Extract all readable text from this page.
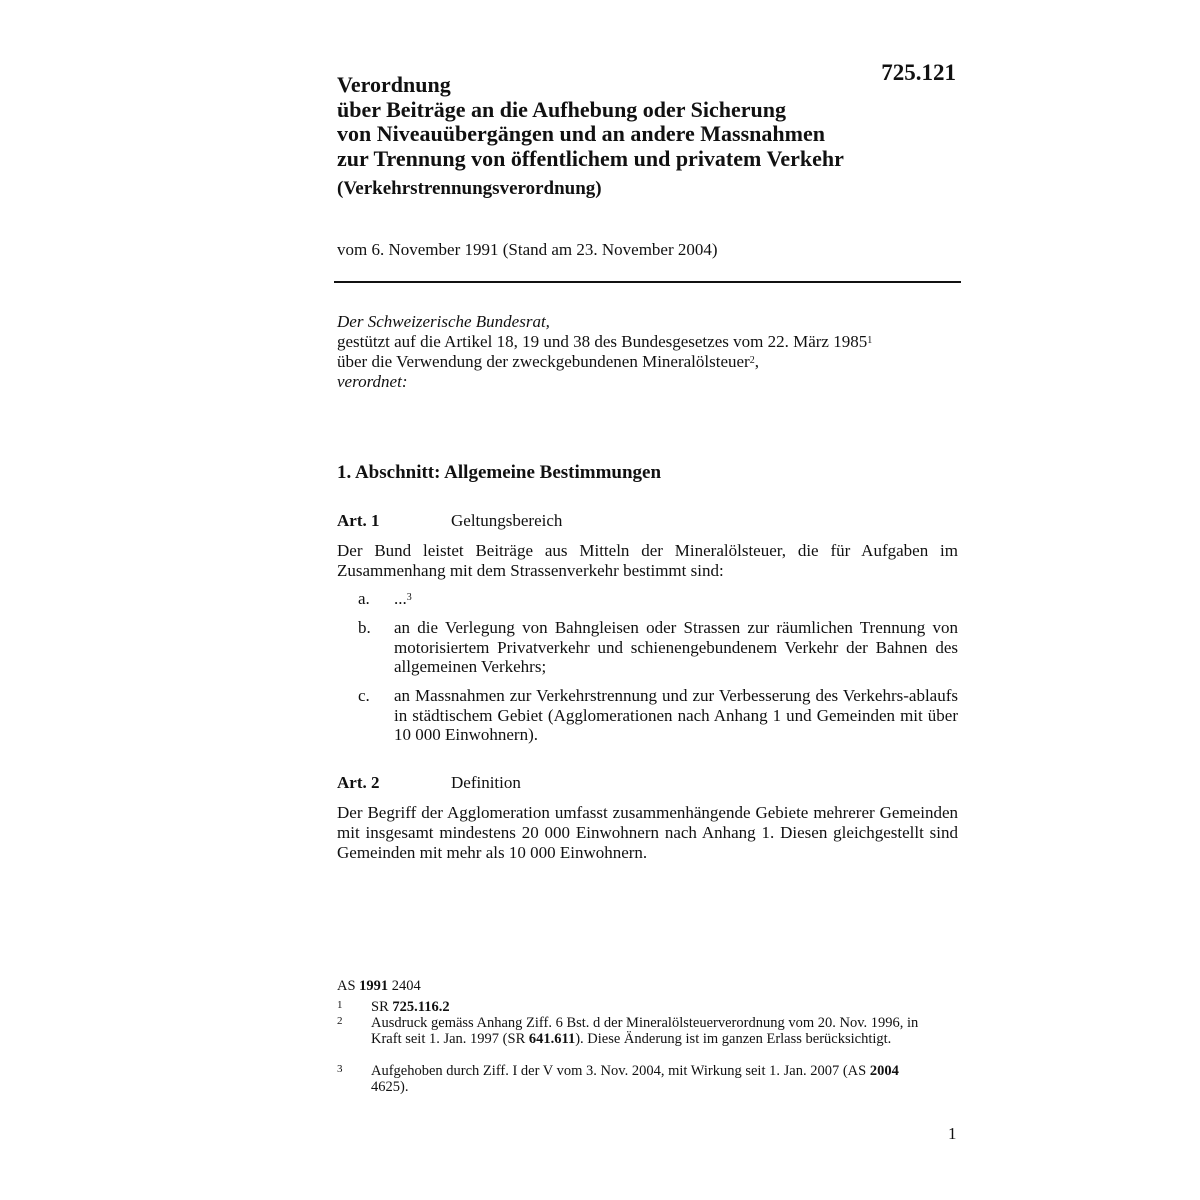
725.121
Verordnung
über Beiträge an die Aufhebung oder Sicherung
von Niveauübergängen und an andere Massnahmen
zur Trennung von öffentlichem und privatem Verkehr
(Verkehrstrennungsverordnung)
vom 6. November 1991 (Stand am 23. November 2004)
Der Schweizerische Bundesrat,
gestützt auf die Artikel 18, 19 und 38 des Bundesgesetzes vom 22. März 1985$^1$
über die Verwendung der zweckgebundenen Mineralölsteuer$^2$,
verordnet:
1. Abschnitt: Allgemeine Bestimmungen
Art. 1	Geltungsbereich
Der Bund leistet Beiträge aus Mitteln der Mineralölsteuer, die für Aufgaben im Zusammenhang mit dem Strassenverkehr bestimmt sind:
a. ...$^3$
b. an die Verlegung von Bahngleisen oder Strassen zur räumlichen Trennung von motorisiertem Privatverkehr und schienengebundenem Verkehr der Bahnen des allgemeinen Verkehrs;
c. an Massnahmen zur Verkehrstrennung und zur Verbesserung des Verkehrs-ablaufs in städtischem Gebiet (Agglomerationen nach Anhang 1 und Gemeinden mit über 10 000 Einwohnern).
Art. 2	Definition
Der Begriff der Agglomeration umfasst zusammenhängende Gebiete mehrerer Gemeinden mit insgesamt mindestens 20 000 Einwohnern nach Anhang 1. Diesen gleichgestellt sind Gemeinden mit mehr als 10 000 Einwohnern.
AS 1991 2404
1 SR 725.116.2
2 Ausdruck gemäss Anhang Ziff. 6 Bst. d der Mineralölsteuerverordnung vom 20. Nov. 1996, in Kraft seit 1. Jan. 1997 (SR 641.611). Diese Änderung ist im ganzen Erlass berücksichtigt.
3 Aufgehoben durch Ziff. I der V vom 3. Nov. 2004, mit Wirkung seit 1. Jan. 2007 (AS 2004 4625).
1
